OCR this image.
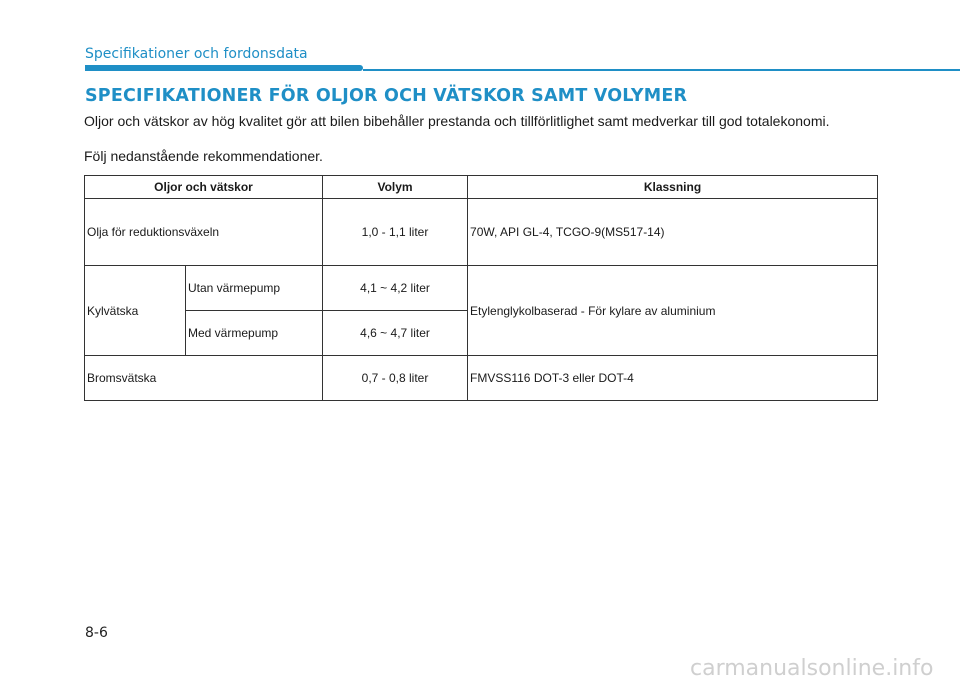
Specifikationer och fordonsdata
SPECIFIKATIONER FÖR OLJOR OCH VÄTSKOR SAMT VOLYMER

Oljor och vätskor av hög kvalitet gör att bilen bibehåller prestanda och tillförlitlighet samt medverkar till god totalekonomi.

Följ nedanstående rekommendationer.

Oljor och vätskor		Volym	Klassning
Olja för reduktionsväxeln		1,0 - 1,1 liter	70W, API GL-4, TCGO-9(MS517-14)
Kylvätska	Utan värmepump	4,1 ~ 4,2 liter	Etylenglykolbaserad - För kylare av aluminium
	Med värmepump	4,6 ~ 4,7 liter	
Bromsvätska		0,7 - 0,8 liter	FMVSS116 DOT-3 eller DOT-4
8-6
carmanualsonline.info
